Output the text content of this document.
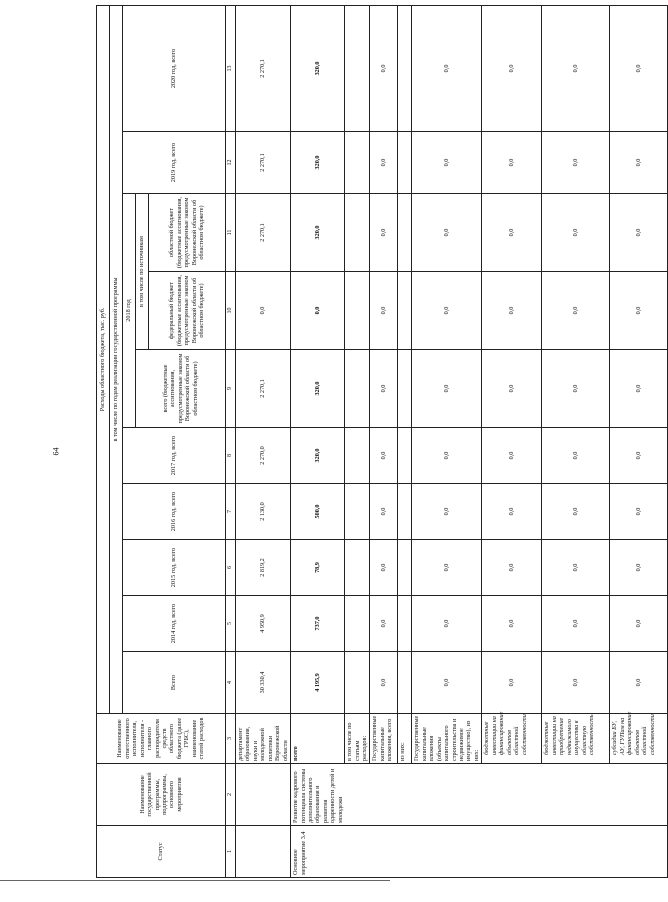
64
Статус	Наименование государственной программы, подпрограммы, основного мероприятия	Наименование ответственного исполнителя, исполнителя - главного распорядителя средств областного бюджета (далее ГРБС), наименование статей расходов	Расходы областного бюджета, тыс. руб.									
			в том числе по годам реализации государственной программы									
			Всего	2014 год, всего	2015 год, всего	2016 год, всего	2017 год, всего	2018 год			2019 год, всего	2020 год, всего
								всего (бюджетные ассигнования, предусмотренные законом Воронежской области об областном бюджете)	в том числе по источникам			
									федеральный бюджет (бюджетные ассигнования, предусмотренные законом Воронежской области об областном бюджете)	областной бюджет (бюджетные ассигнования, предусмотренные законом Воронежской области об областном бюджете)		
1	2	3	4	5	6	7	8	9	10	11	12	13
		департамент образования, науки и молодежной политики Воронежской области	30 330,4	4 950,9	2 819,2	2 130,0	2 270,0	2 270,1	0,0	2 270,1	2 270,1	2 270,1
Основное мероприятие 3.4	Развитие кадрового потенциала системы дополнительного образования и развития одаренности детей и молодежи	всего	4 195,9	737,0	78,9	500,0	320,0	320,0	0,0	320,0	320,0	320,0
		в том числе по статьям расходов:										
		Государственные капитальные вложения, всего	0,0	0,0	0,0	0,0	0,0	0,0	0,0	0,0	0,0	0,0
		из них:										
		Государственные капитальные вложения (объекты капитального строительства и недвижимое имущество), из них:	0,0	0,0	0,0	0,0	0,0	0,0	0,0	0,0	0,0	0,0
		бюджетные инвестиции на финансирование объектов областной собственности	0,0	0,0	0,0	0,0	0,0	0,0	0,0	0,0	0,0	0,0
		бюджетные инвестиции на приобретение недвижимого имущества в областную собственность	0,0	0,0	0,0	0,0	0,0	0,0	0,0	0,0	0,0	0,0
		субсидии БУ, АУ, ГУПам на финансирование объектов областной собственности	0,0	0,0	0,0	0,0	0,0	0,0	0,0	0,0	0,0	0,0
